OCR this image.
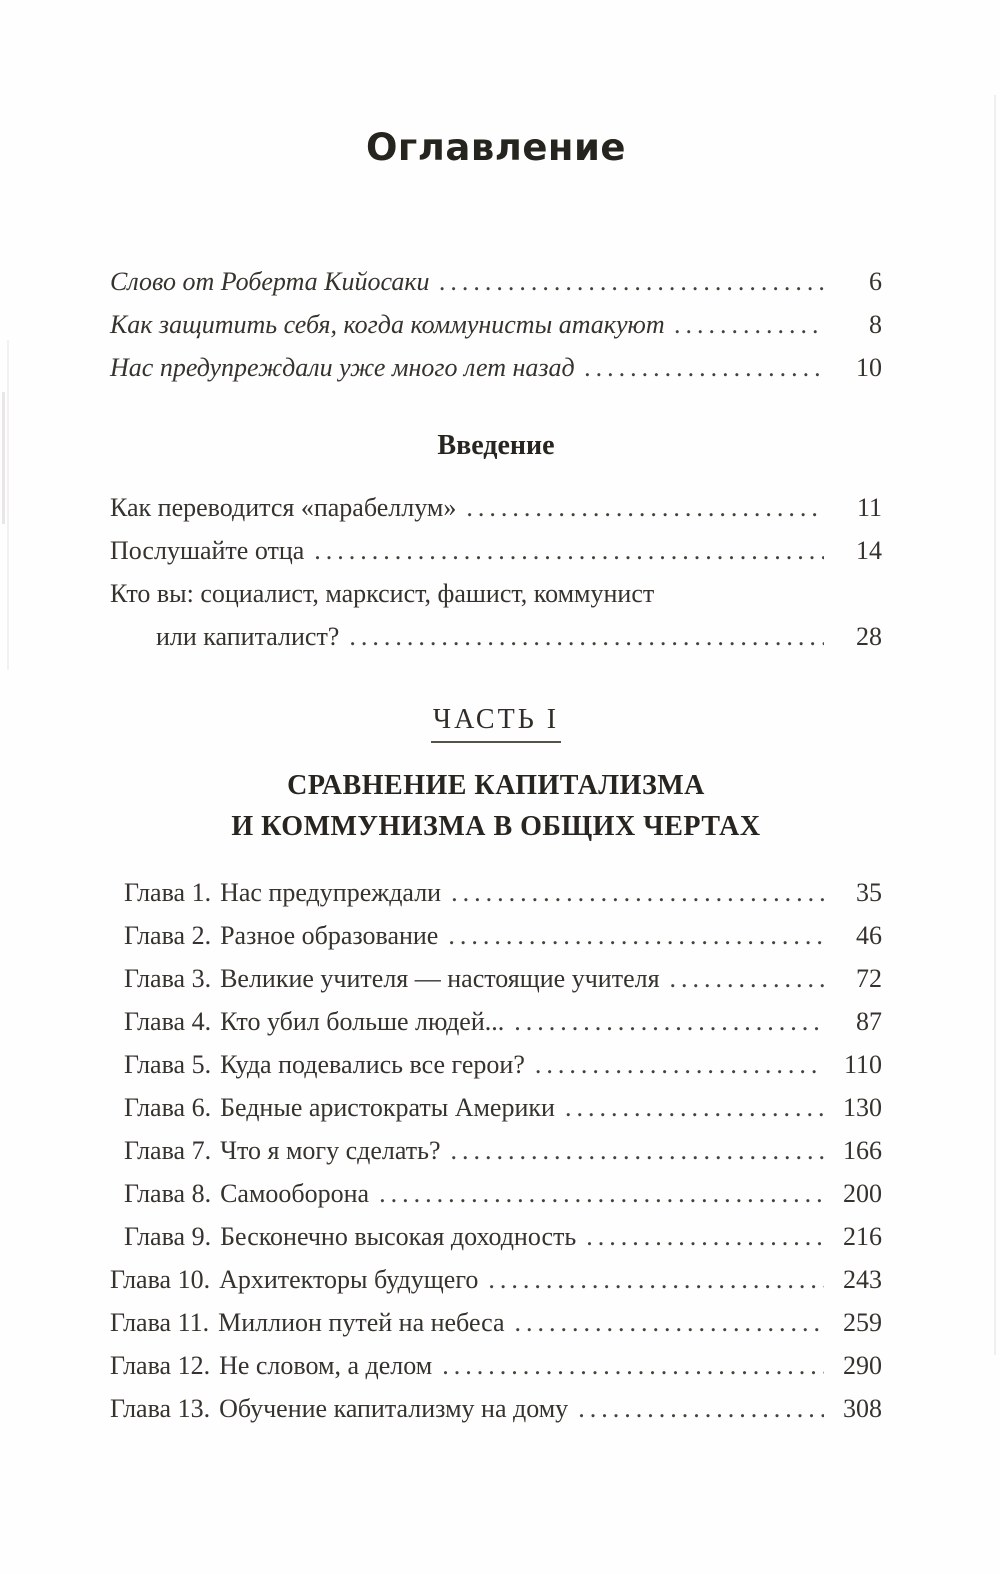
Оглавление
Слово от Роберта Кийосаки .....	6
Как защитить себя, когда коммунисты атакуют .....	8
Нас предупреждали уже много лет назад .....	10
Введение
Как переводится «парабеллум» .....	11
Послушайте отца .....	14
Кто вы: социалист, марксист, фашист, коммунист
или капиталист? .....	28
ЧАСТЬ I
СРАВНЕНИЕ КАПИТАЛИЗМА
И КОММУНИЗМА В ОБЩИХ ЧЕРТАХ
Глава 1. Нас предупреждали .....	35
Глава 2. Разное образование .....	46
Глава 3. Великие учителя — настоящие учителя .....	72
Глава 4. Кто убил больше людей... .....	87
Глава 5. Куда подевались все герои? .....	110
Глава 6. Бедные аристократы Америки .....	130
Глава 7. Что я могу сделать? .....	166
Глава 8. Самооборона .....	200
Глава 9. Бесконечно высокая доходность .....	216
Глава 10. Архитекторы будущего .....	243
Глава 11. Миллион путей на небеса .....	259
Глава 12. Не словом, а делом .....	290
Глава 13. Обучение капитализму на дому .....	308
